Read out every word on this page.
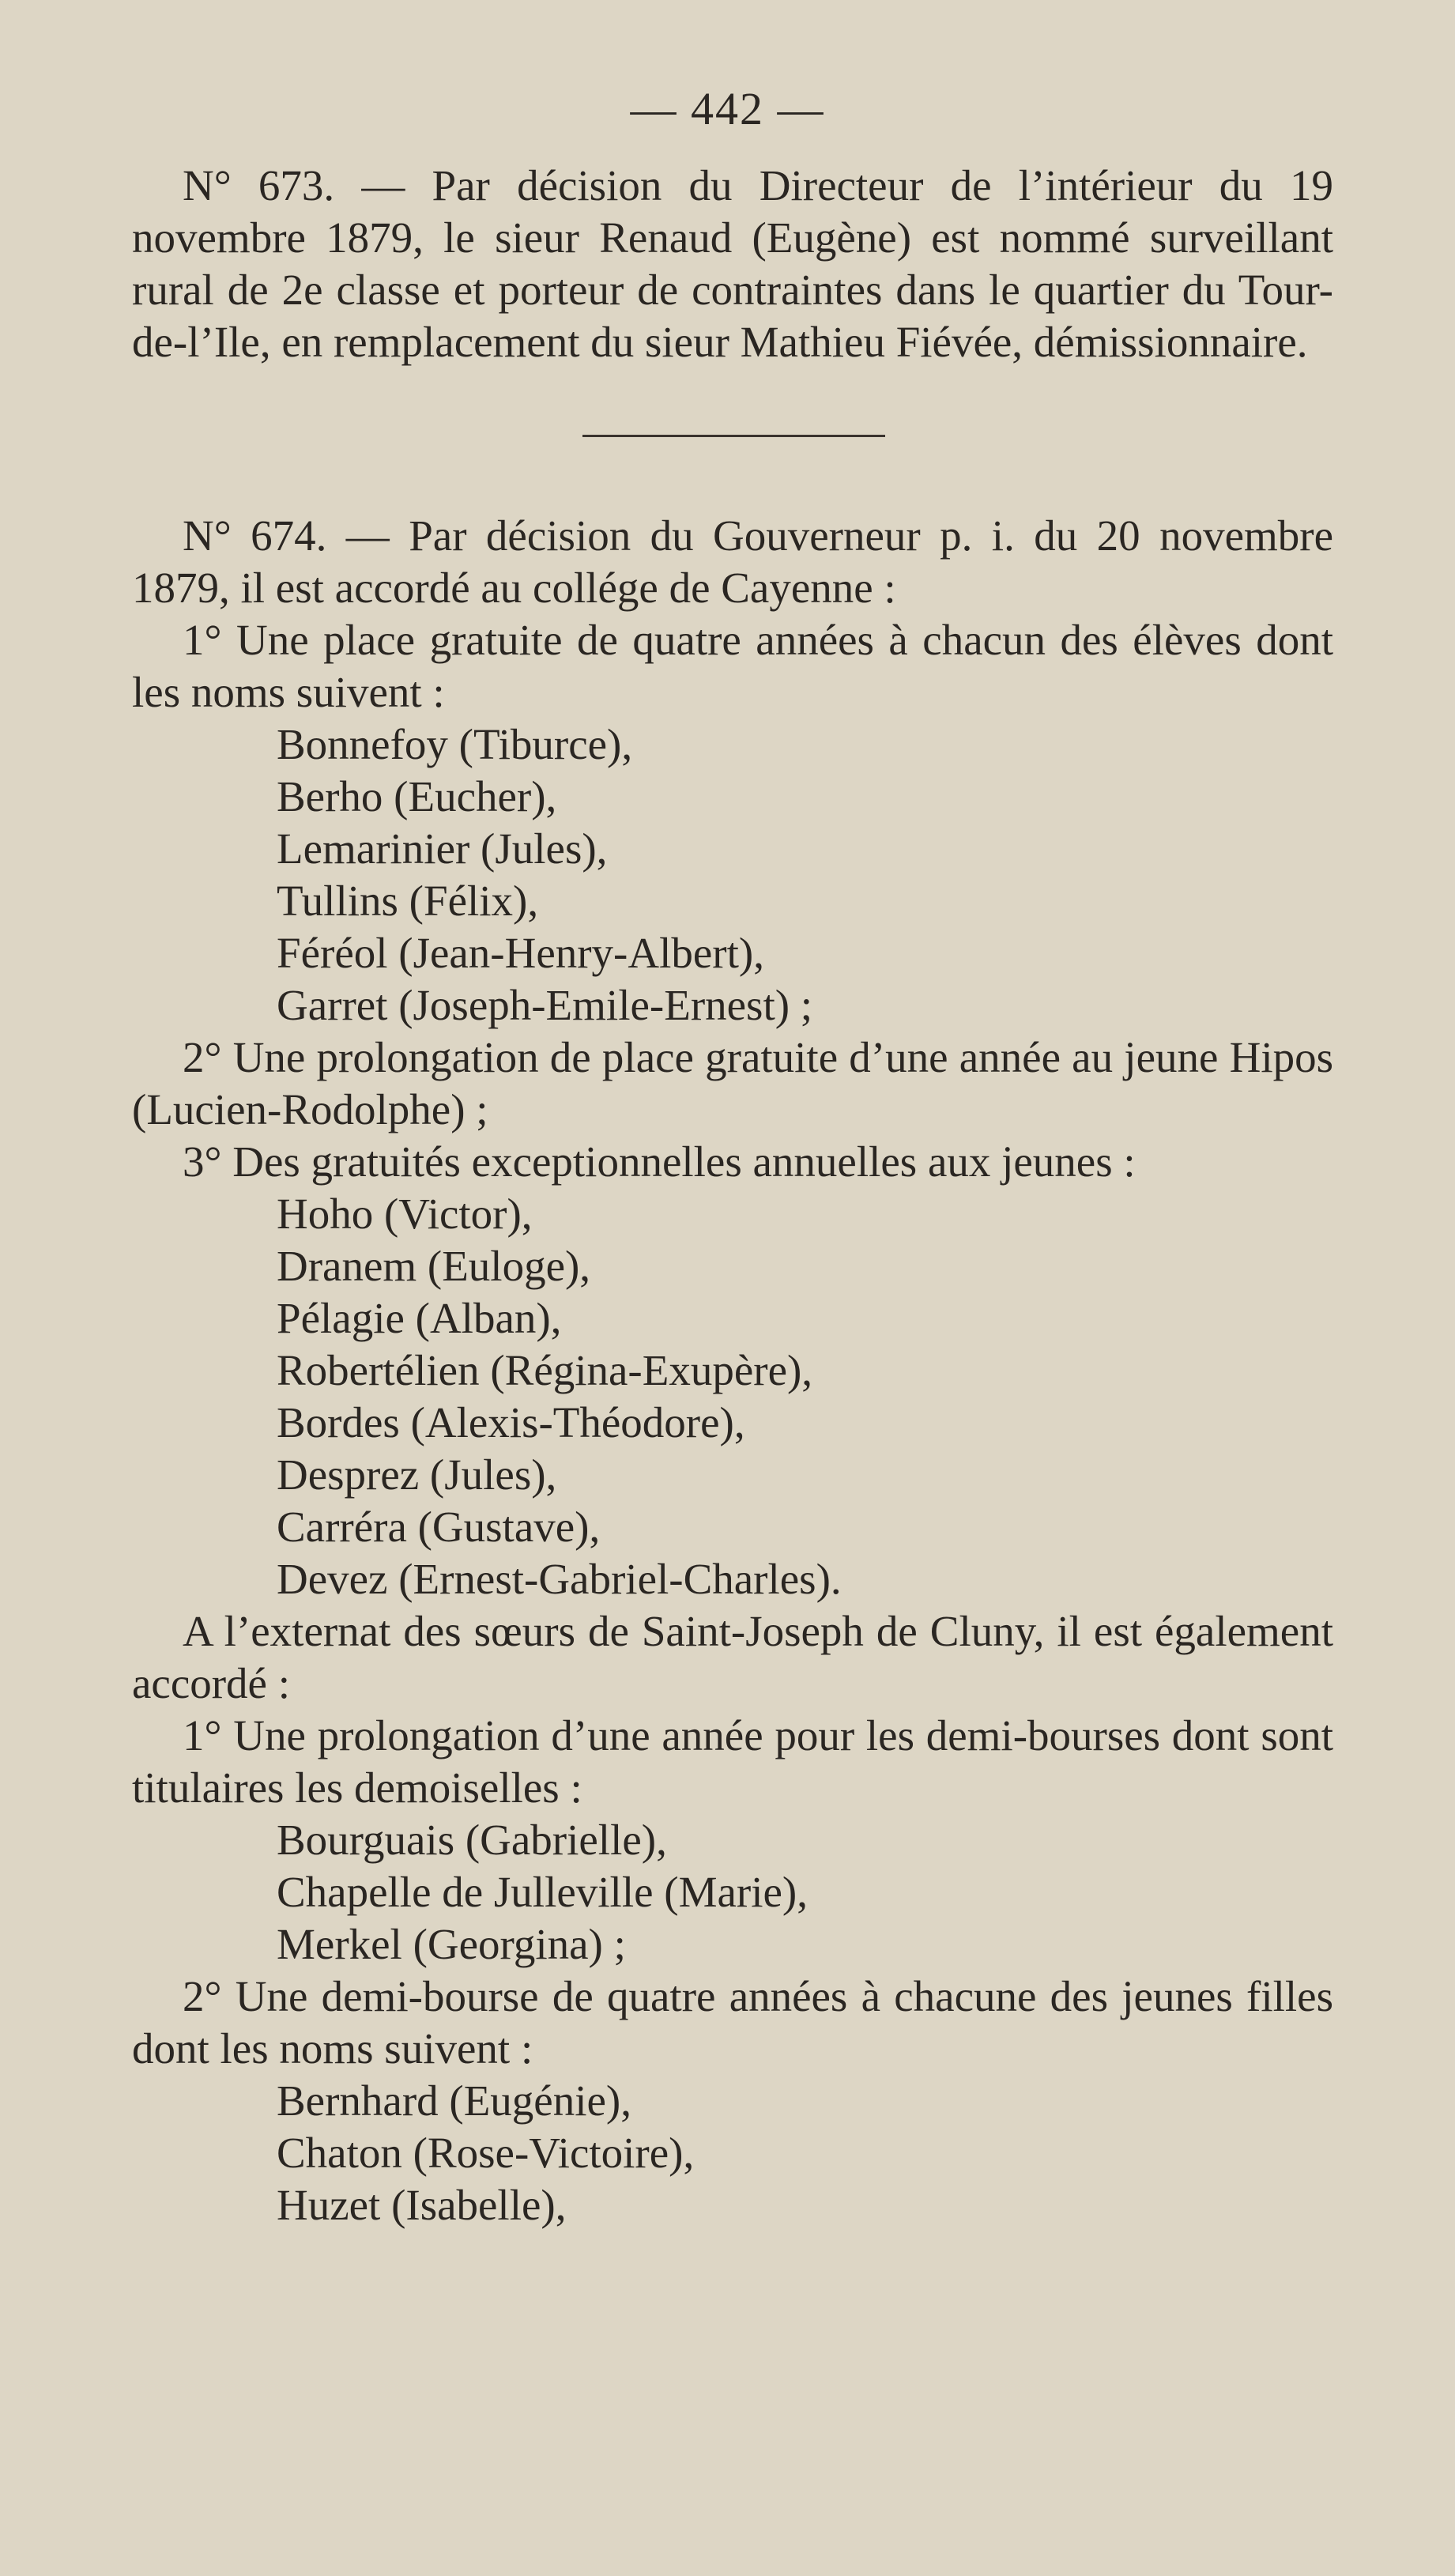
— 442 —

N° 673. — Par décision du Directeur de l’intérieur du 19 novembre 1879, le sieur Renaud (Eugène) est nommé surveillant rural de 2e classe et porteur de contraintes dans le quartier du Tour-de-l’Ile, en remplacement du sieur Mathieu Fiévée, démissionnaire.

N° 674. — Par décision du Gouverneur p. i. du 20 novembre 1879, il est accordé au collége de Cayenne :

1° Une place gratuite de quatre années à chacun des élèves dont les noms suivent :

Bonnefoy (Tiburce),

Berho (Eucher),

Lemarinier (Jules),

Tullins (Félix),

Féréol (Jean-Henry-Albert),

Garret (Joseph-Emile-Ernest) ;

2° Une prolongation de place gratuite d’une année au jeune Hipos (Lucien-Rodolphe) ;

3° Des gratuités exceptionnelles annuelles aux jeunes :

Hoho (Victor),

Dranem (Euloge),

Pélagie (Alban),

Robertélien (Régina-Exupère),

Bordes (Alexis-Théodore),

Desprez (Jules),

Carréra (Gustave),

Devez (Ernest-Gabriel-Charles).

A l’externat des sœurs de Saint-Joseph de Cluny, il est également accordé :

1° Une prolongation d’une année pour les demi-bourses dont sont titulaires les demoiselles :

Bourguais (Gabrielle),

Chapelle de Julleville (Marie),

Merkel (Georgina) ;

2° Une demi-bourse de quatre années à chacune des jeunes filles dont les noms suivent :

Bernhard (Eugénie),

Chaton (Rose-Victoire),

Huzet (Isabelle),
